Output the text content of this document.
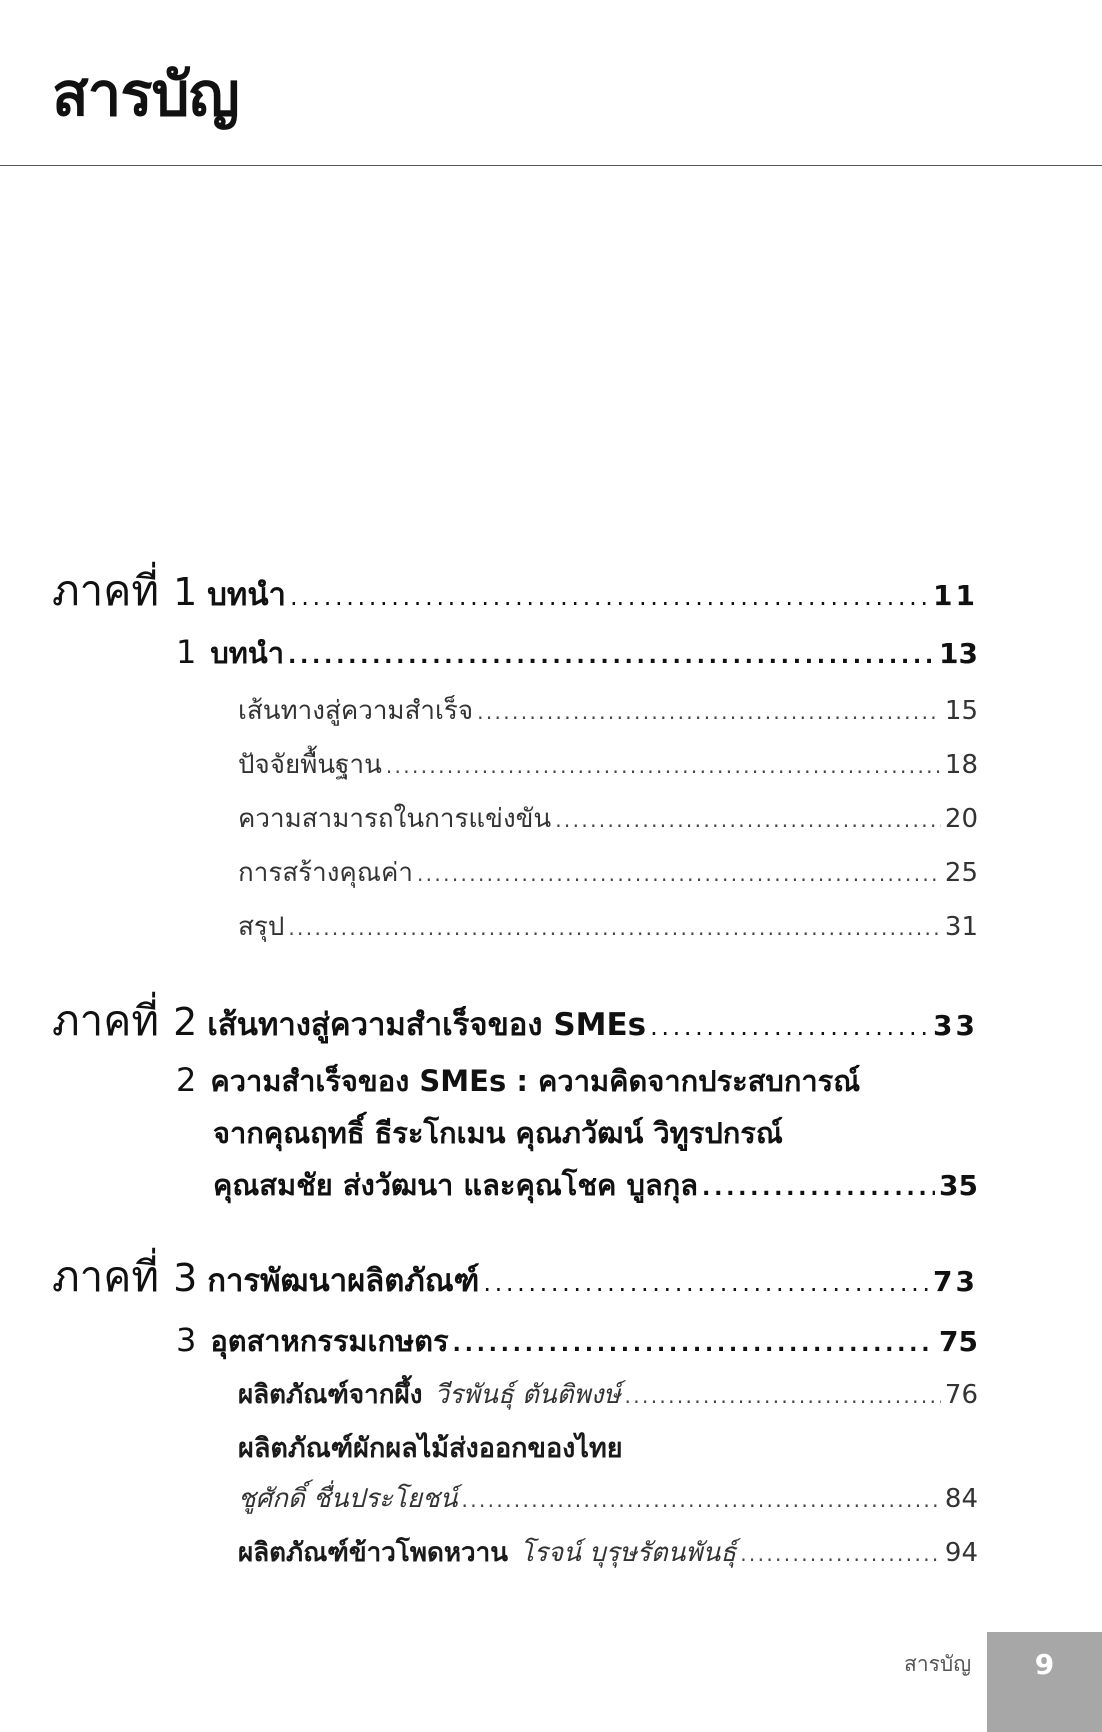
สารบัญ
ภาคที่ 1 บทนำ . . .	11
1 บทนำ . . .	13
เส้นทางสู่ความสำเร็จ . . .	15
ปัจจัยพื้นฐาน . . .	18
ความสามารถในการแข่งขัน . . .	20
การสร้างคุณค่า . . .	25
สรุป . . .	31
ภาคที่ 2 เส้นทางสู่ความสำเร็จของ SMEs . . .	33
2 ความสำเร็จของ SMEs : ความคิดจากประสบการณ์
จากคุณฤทธิ์ ธีระโกเมน คุณภวัฒน์ วิทูรปกรณ์
คุณสมชัย ส่งวัฒนา และคุณโชค บูลกุล . . .	35
ภาคที่ 3 การพัฒนาผลิตภัณฑ์ . . .	73
3 อุตสาหกรรมเกษตร . . .	75
ผลิตภัณฑ์จากผึ้ง วีรพันธุ์ ตันติพงษ์ . . .	76
ผลิตภัณฑ์ผักผลไม้ส่งออกของไทย
ชูศักดิ์ ชื่นประโยชน์ . . .	84
ผลิตภัณฑ์ข้าวโพดหวาน โรจน์ บุรุษรัตนพันธุ์ . . .	94
สารบัญ	9
